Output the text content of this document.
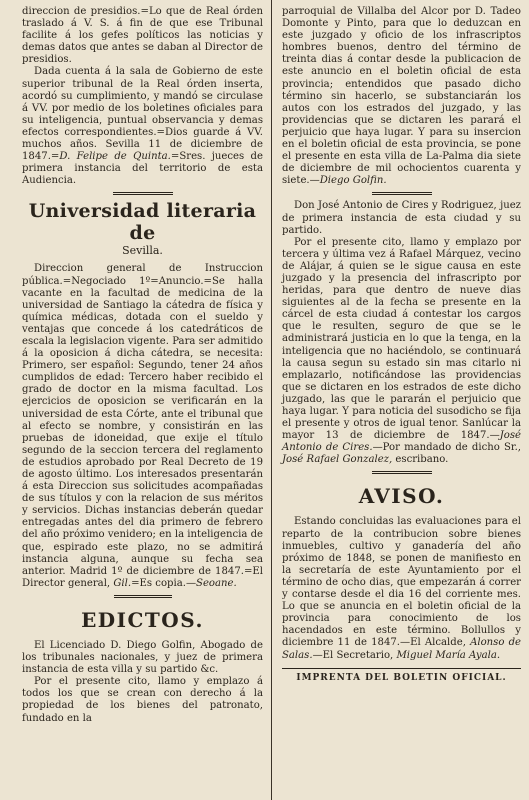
direccion de presidios.=Lo que de Real órden traslado á V. S. á fin de que ese Tribunal facilite á los gefes políticos las noticias y demas datos que antes se daban al Director de presidios.

Dada cuenta á la sala de Gobierno de este superior tribunal de la Real órden inserta, acordó su cumplimiento, y mandó se circulase á VV. por medio de los boletines oficiales para su inteligencia, puntual observancia y demas efectos correspondientes.=Dios guarde á VV. muchos años. Sevilla 11 de diciembre de 1847.=D. Felipe de Quinta.=Sres. jueces de primera instancia del territorio de esta Audiencia.

Universidad literaria de
Sevilla.

Direccion general de Instruccion pública.=Negociado 1º=Anuncio.=Se halla vacante en la facultad de medicina de la universidad de Santiago la cátedra de física y química médicas, dotada con el sueldo y ventajas que concede á los catedráticos de escala la legislacion vigente. Para ser admitido á la oposicion á dicha cátedra, se necesita: Primero, ser español: Segundo, tener 24 años cumplidos de edad: Tercero haber recibido el grado de doctor en la misma facultad. Los ejercicios de oposicion se verificarán en la universidad de esta Córte, ante el tribunal que al efecto se nombre, y consistirán en las pruebas de idoneidad, que exije el título segundo de la seccion tercera del reglamento de estudios aprobado por Real Decreto de 19 de agosto último. Los interesados presentarán á esta Direccion sus solicitudes acompañadas de sus títulos y con la relacion de sus méritos y servicios. Dichas instancias deberán quedar entregadas antes del dia primero de febrero del año próximo venidero; en la inteligencia de que, espirado este plazo, no se admitirá instancia alguna, aunque su fecha sea anterior. Madrid 1º de diciembre de 1847.=El Director general, Gil.=Es copia.—Seoane.

EDICTOS.

El Licenciado D. Diego Golfin, Abogado de los tribunales nacionales, y juez de primera instancia de esta villa y su partido &c.

Por el presente cito, llamo y emplazo á todos los que se crean con derecho á la propiedad de los bienes del patronato, fundado en la

parroquial de Villalba del Alcor por D. Tadeo Domonte y Pinto, para que lo deduzcan en este juzgado y oficio de los infrascriptos hombres buenos, dentro del término de treinta dias á contar desde la publicacion de este anuncio en el boletin oficial de esta provincia; entendidos que pasado dicho término sin hacerlo, se substanciarán los autos con los estrados del juzgado, y las providencias que se dictaren les parará el perjuicio que haya lugar. Y para su insercion en el boletin oficial de esta provincia, se pone el presente en esta villa de La-Palma dia siete de diciembre de mil ochocientos cuarenta y siete.—Diego Golfin.

Don José Antonio de Cires y Rodriguez, juez de primera instancia de esta ciudad y su partido.

Por el presente cito, llamo y emplazo por tercera y última vez á Rafael Márquez, vecino de Alájar, á quien se le sigue causa en este juzgado y la presencia del infrascripto por heridas, para que dentro de nueve dias siguientes al de la fecha se presente en la cárcel de esta ciudad á contestar los cargos que le resulten, seguro de que se le administrará justicia en lo que la tenga, en la inteligencia que no haciéndolo, se continuará la causa segun su estado sin mas citarlo ni emplazarlo, notificándose las providencias que se dictaren en los estrados de este dicho juzgado, las que le pararán el perjuicio que haya lugar. Y para noticia del susodicho se fija el presente y otros de igual tenor. Sanlúcar la mayor 13 de diciembre de 1847.—José Antonio de Cires.—Por mandado de dicho Sr., José Rafael Gonzalez, escribano.

AVISO.

Estando concluidas las evaluaciones para el reparto de la contribucion sobre bienes inmuebles, cultivo y ganadería del año próximo de 1848, se ponen de manifiesto en la secretaría de este Ayuntamiento por el término de ocho dias, que empezarán á correr y contarse desde el dia 16 del corriente mes. Lo que se anuncia en el boletin oficial de la provincia para conocimiento de los hacendados en este término. Bollullos y diciembre 11 de 1847.—El Alcalde, Alonso de Salas.—El Secretario, Miguel María Ayala.

IMPRENTA DEL BOLETIN OFICIAL.
